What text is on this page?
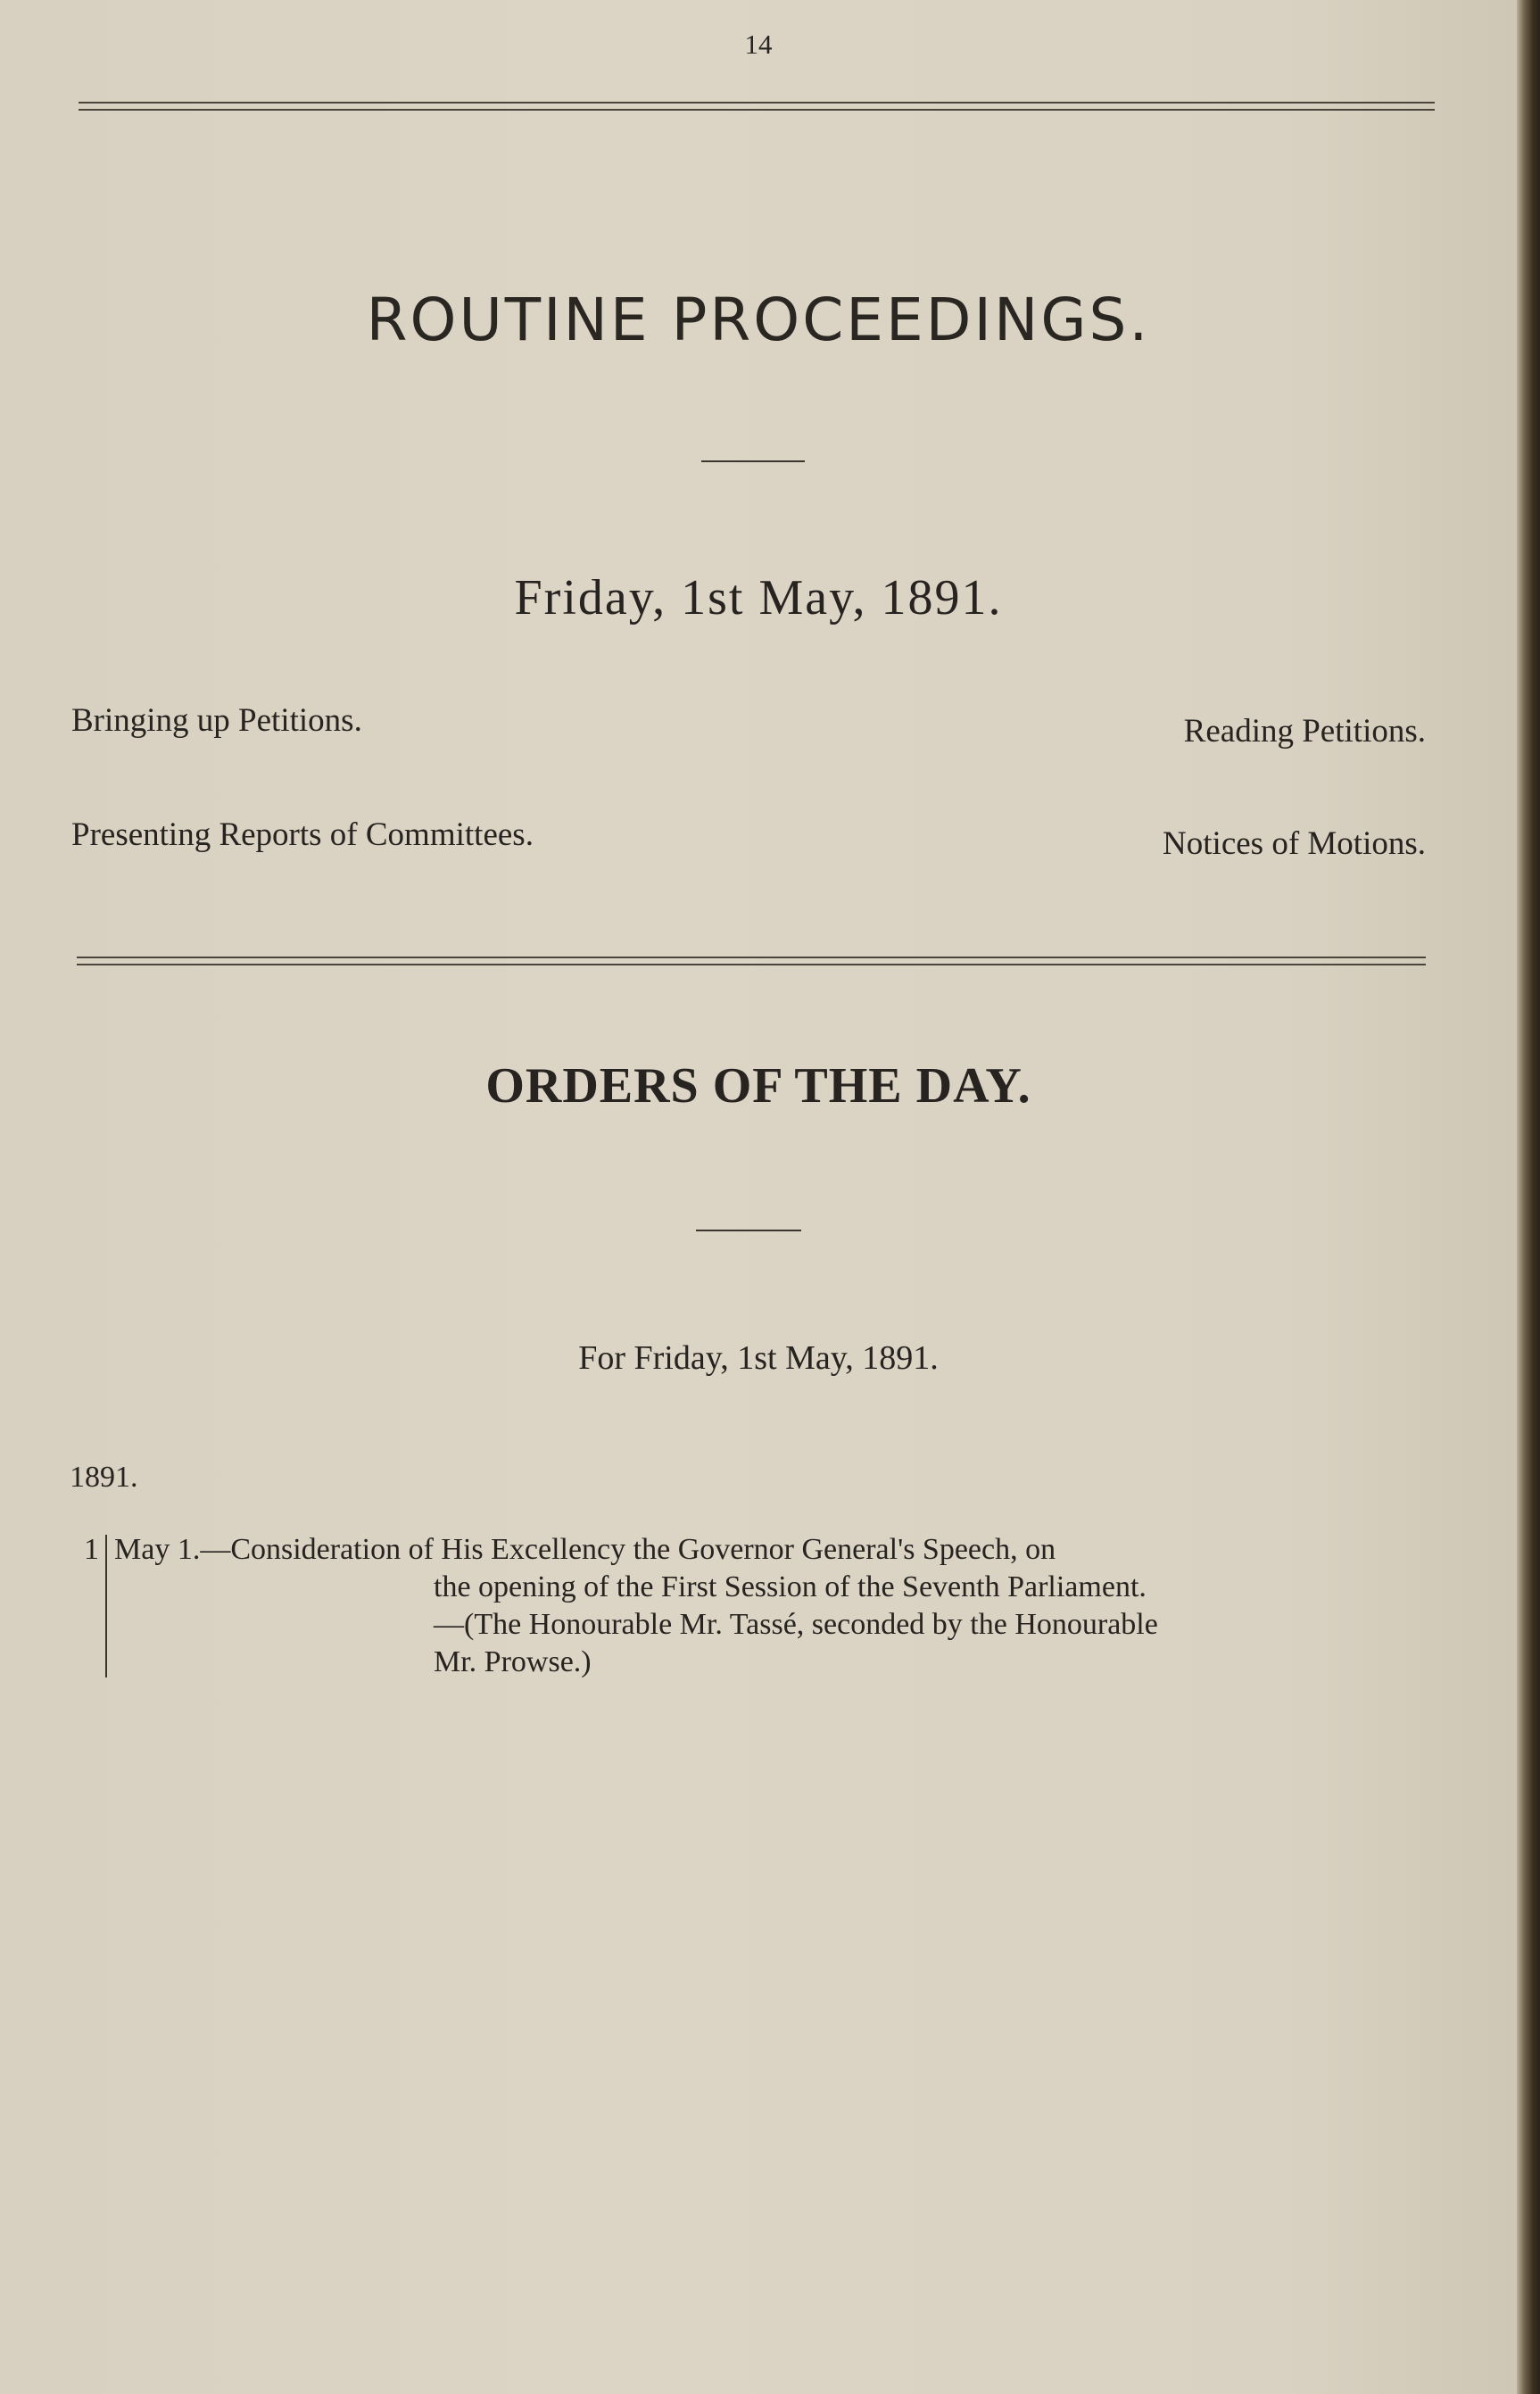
14
ROUTINE PROCEEDINGS.
Friday, 1st May, 1891.
Bringing up Petitions.	Reading Petitions.
Presenting Reports of Committees.	Notices of Motions.
ORDERS OF THE DAY.
For Friday, 1st May, 1891.
1891.
1 May 1.—Consideration of His Excellency the Governor General's Speech, on
the opening of the First Session of the Seventh Parliament.
—(The Honourable Mr. Tassé, seconded by the Honourable
Mr. Prowse.)
